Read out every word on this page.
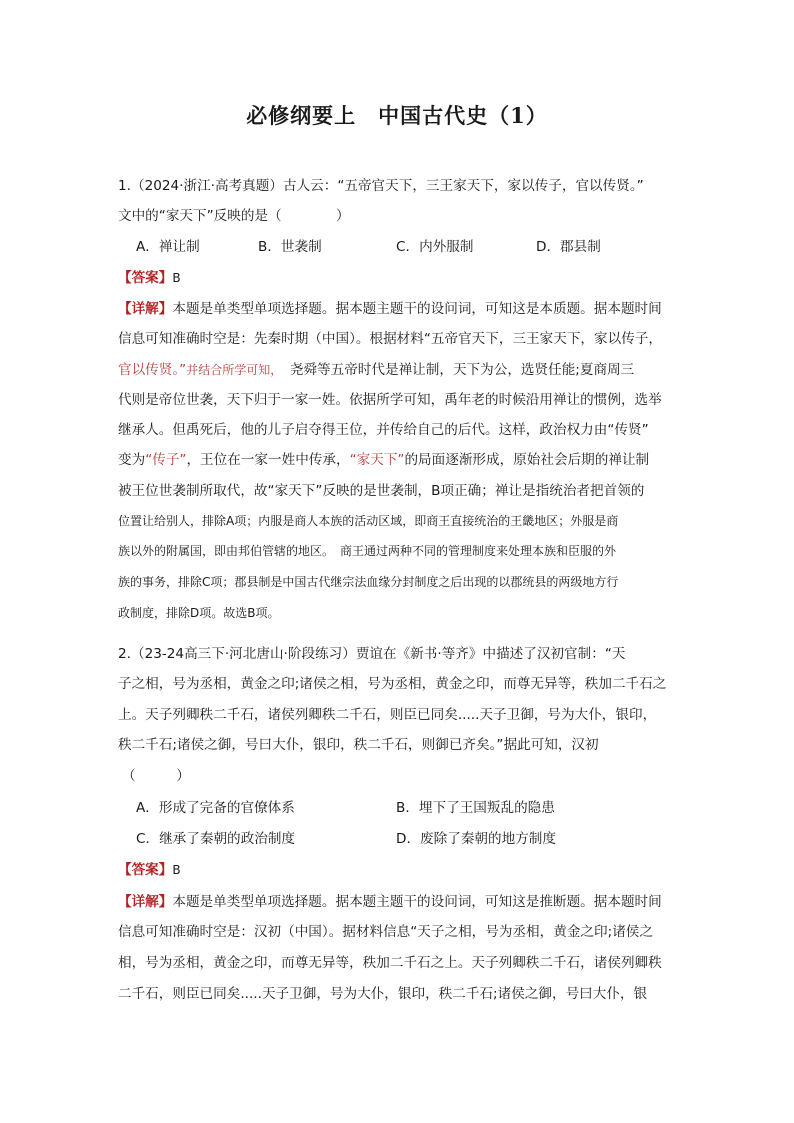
必修纲要上　中国古代史（1）
1.（2024·浙江·高考真题）古人云：“五帝官天下，三王家天下，家以传子，官以传贤。”
文中的“家天下”反映的是（　　　　）
A．禅让制	B．世袭制	C．内外服制	D．郡县制
【答案】B
【详解】本题是单类型单项选择题。据本题主题干的设问词，可知这是本质题。据本题时间
信息可知准确时空是：先秦时期（中国）。根据材料“五帝官天下，三王家天下，家以传子，
官以传贤。”并结合所学可知，　 尧舜等五帝时代是禅让制，天下为公，选贤任能;夏商周三
代则是帝位世袭，天下归于一家一姓。依据所学可知，禹年老的时候沿用禅让的惯例，选举
继承人。但禹死后，他的儿子启夺得王位，并传给自己的后代。这样，政治权力由“传贤”
变为“传子”，王位在一家一姓中传承，“家天下”的局面逐渐形成，原始社会后期的禅让制
被王位世袭制所取代，故“家天下”反映的是世袭制，B项正确；禅让是指统治者把首领的
位置让给别人，排除A项；内服是商人本族的活动区域，即商王直接统治的王畿地区；外服是商
族以外的附属国，即由邦伯管辖的地区。　商王通过两种不同的管理制度来处理本族和臣服的外
族的事务，排除C项；郡县制是中国古代继宗法血缘分封制度之后出现的以郡统县的两级地方行
政制度，排除D项。故选B项。
2.（23-24高三下·河北唐山·阶段练习）贾谊在《新书·等齐》中描述了汉初官制：“天
子之相，号为丞相，黄金之印;诸侯之相，号为丞相，黄金之印，而尊无异等，秩加二千石之
上。天子列卿秩二千石，诸侯列卿秩二千石，则臣已同矣.....天子卫御，号为大仆，银印，
秩二千石;诸侯之御，号曰大仆，银印，秩二千石，则御已齐矣。”据此可知，汉初
（　　　）
A．形成了完备的官僚体系	B．埋下了王国叛乱的隐患
C．继承了秦朝的政治制度	D．废除了秦朝的地方制度
【答案】B
【详解】本题是单类型单项选择题。据本题主题干的设问词，可知这是推断题。据本题时间
信息可知准确时空是：汉初（中国）。据材料信息“天子之相，号为丞相，黄金之印;诸侯之
相，号为丞相，黄金之印，而尊无异等，秩加二千石之上。天子列卿秩二千石，诸侯列卿秩
二千石，则臣已同矣.....天子卫御，号为大仆，银印，秩二千石;诸侯之御，号曰大仆，银
